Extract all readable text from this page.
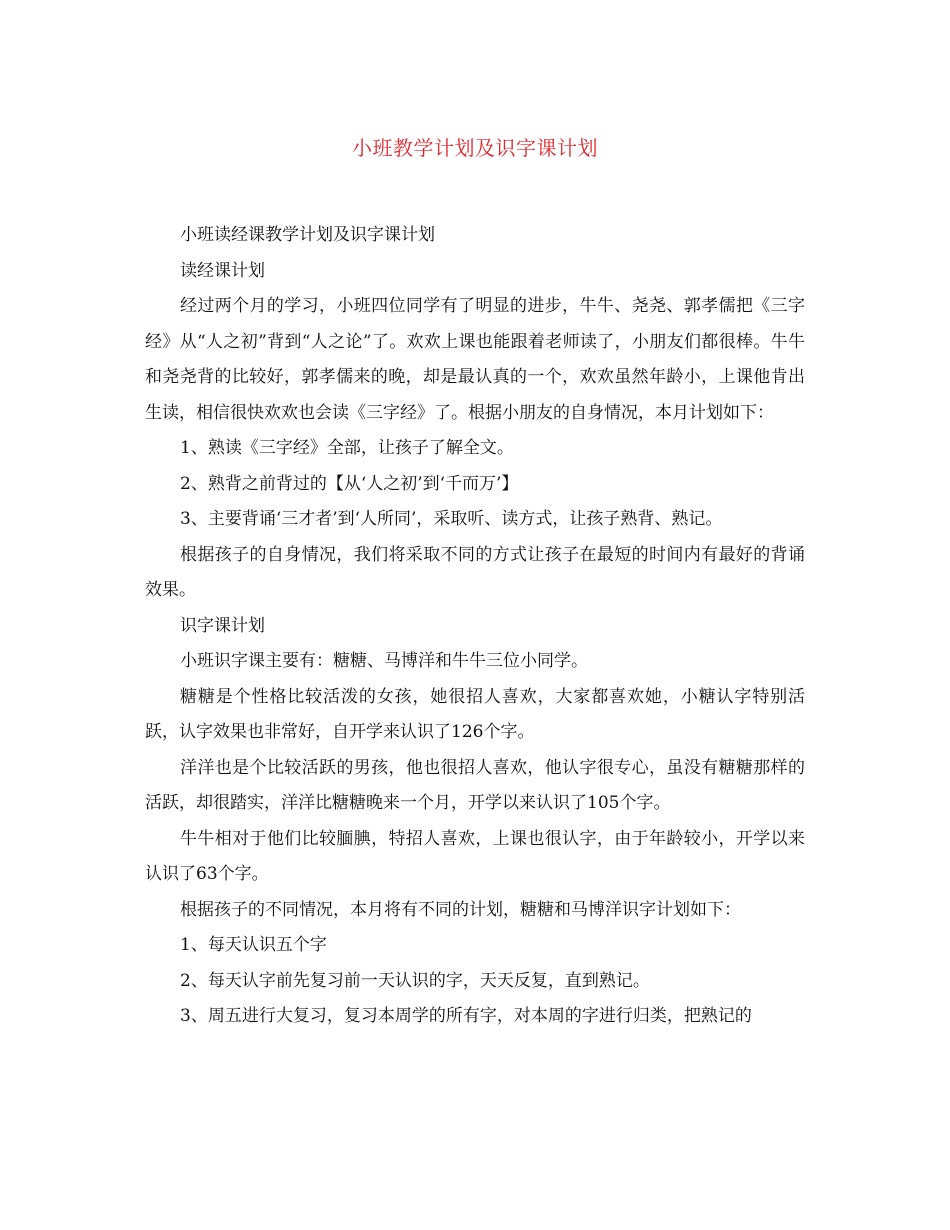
小班教学计划及识字课计划

小班读经课教学计划及识字课计划

读经课计划

经过两个月的学习，小班四位同学有了明显的进步，牛牛、尧尧、郭孝儒把《三字经》从“人之初”背到“人之论”了。欢欢上课也能跟着老师读了，小朋友们都很棒。牛牛和尧尧背的比较好，郭孝儒来的晚，却是最认真的一个，欢欢虽然年龄小，上课他肯出生读，相信很快欢欢也会读《三字经》了。根据小朋友的自身情况，本月计划如下：

1、熟读《三字经》全部，让孩子了解全文。

2、熟背之前背过的【从‘人之初’到‘千而万’】

3、主要背诵‘三才者’到‘人所同’，采取听、读方式，让孩子熟背、熟记。

根据孩子的自身情况，我们将采取不同的方式让孩子在最短的时间内有最好的背诵效果。

识字课计划

小班识字课主要有：糖糖、马博洋和牛牛三位小同学。

糖糖是个性格比较活泼的女孩，她很招人喜欢，大家都喜欢她，小糖认字特别活跃，认字效果也非常好，自开学来认识了126个字。

洋洋也是个比较活跃的男孩，他也很招人喜欢，他认字很专心，虽没有糖糖那样的活跃，却很踏实，洋洋比糖糖晚来一个月，开学以来认识了105个字。

牛牛相对于他们比较腼腆，特招人喜欢，上课也很认字，由于年龄较小，开学以来认识了63个字。

根据孩子的不同情况，本月将有不同的计划，糖糖和马博洋识字计划如下：

1、每天认识五个字

2、每天认字前先复习前一天认识的字，天天反复，直到熟记。

3、周五进行大复习，复习本周学的所有字，对本周的字进行归类，把熟记的
